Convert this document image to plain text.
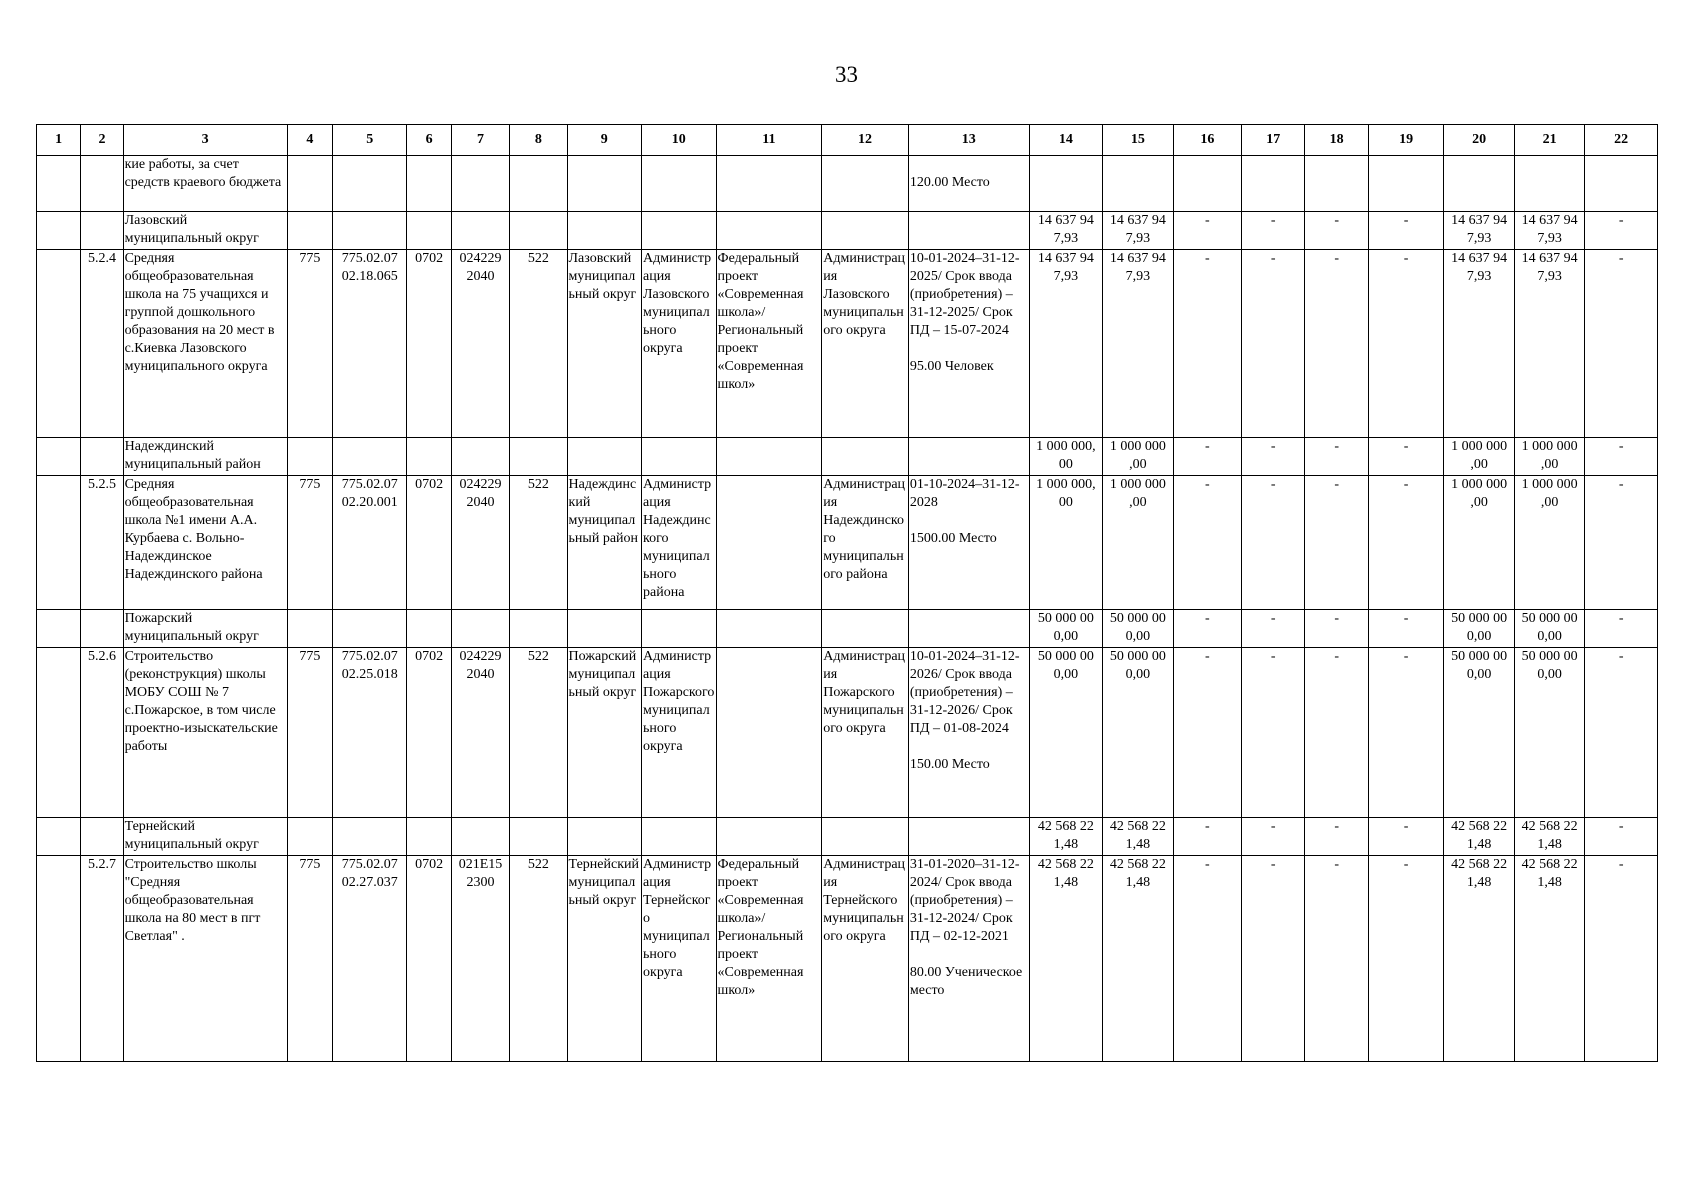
33
1	2	3	4	5	6	7	8	9	10	11	12	13	14	15	16	17	18	19	20	21	22
		кие работы, за счет средств краевого бюджета										120.00 Место									
		Лазовский муниципальный округ											14 637 94 7,93	14 637 94 7,93	-	-	-	-	14 637 94 7,93	14 637 94 7,93	-
	5.2.4	Средняя общеобразовательная школа на 75 учащихся и группой дошкольного образования на 20 мест в с.Киевка Лазовского муниципального округа	775	775.02.07 02.18.065	0702	024229 2040	522	Лазовский муниципальный округ	Администрация Лазовского муниципального округа	Федеральный проект «Современная школа»/Региональный проект «Современная школ»	Администрация Лазовского муниципального округа	10-01-2024–31-12-2025/ Срок ввода (приобретения) – 31-12-2025/ Срок ПД – 15-07-2024
95.00 Человек	14 637 94 7,93	14 637 94 7,93	-	-	-	-	14 637 94 7,93	14 637 94 7,93	-
		Надеждинский муниципальный район											1 000 000, 00	1 000 000 ,00	-	-	-	-	1 000 000 ,00	1 000 000 ,00	-
	5.2.5	Средняя общеобразовательная школа №1 имени А.А. Курбаева с. Вольно-Надеждинское Надеждинского района	775	775.02.07 02.20.001	0702	024229 2040	522	Надеждинский муниципальный район	Администрация Надеждинского муниципального района		Администрация Надеждинского муниципального района	01-10-2024–31-12-2028
1500.00 Место	1 000 000, 00	1 000 000 ,00	-	-	-	-	1 000 000 ,00	1 000 000 ,00	-
		Пожарский муниципальный округ											50 000 00 0,00	50 000 00 0,00	-	-	-	-	50 000 00 0,00	50 000 00 0,00	-
	5.2.6	Строительство (реконструкция) школы МОБУ СОШ № 7 с.Пожарское, в том числе проектно-изыскательские работы	775	775.02.07 02.25.018	0702	024229 2040	522	Пожарский муниципальный округ	Администрация Пожарского муниципального округа		Администрация Пожарского муниципального округа	10-01-2024–31-12-2026/ Срок ввода (приобретения) – 31-12-2026/ Срок ПД – 01-08-2024
150.00 Место	50 000 00 0,00	50 000 00 0,00	-	-	-	-	50 000 00 0,00	50 000 00 0,00	-
		Тернейский муниципальный округ											42 568 22 1,48	42 568 22 1,48	-	-	-	-	42 568 22 1,48	42 568 22 1,48	-
	5.2.7	Строительство школы "Средняя общеобразовательная школа на 80 мест в пгт Светлая" .	775	775.02.07 02.27.037	0702	021E15 2300	522	Тернейский муниципальный округ	Администрация Тернейского муниципального округа	Федеральный проект «Современная школа»/Региональный проект «Современная школ»	Администрация Тернейского муниципального округа	31-01-2020–31-12-2024/ Срок ввода (приобретения) – 31-12-2024/ Срок ПД – 02-12-2021
80.00 Ученическое место	42 568 22 1,48	42 568 22 1,48	-	-	-	-	42 568 22 1,48	42 568 22 1,48	-
